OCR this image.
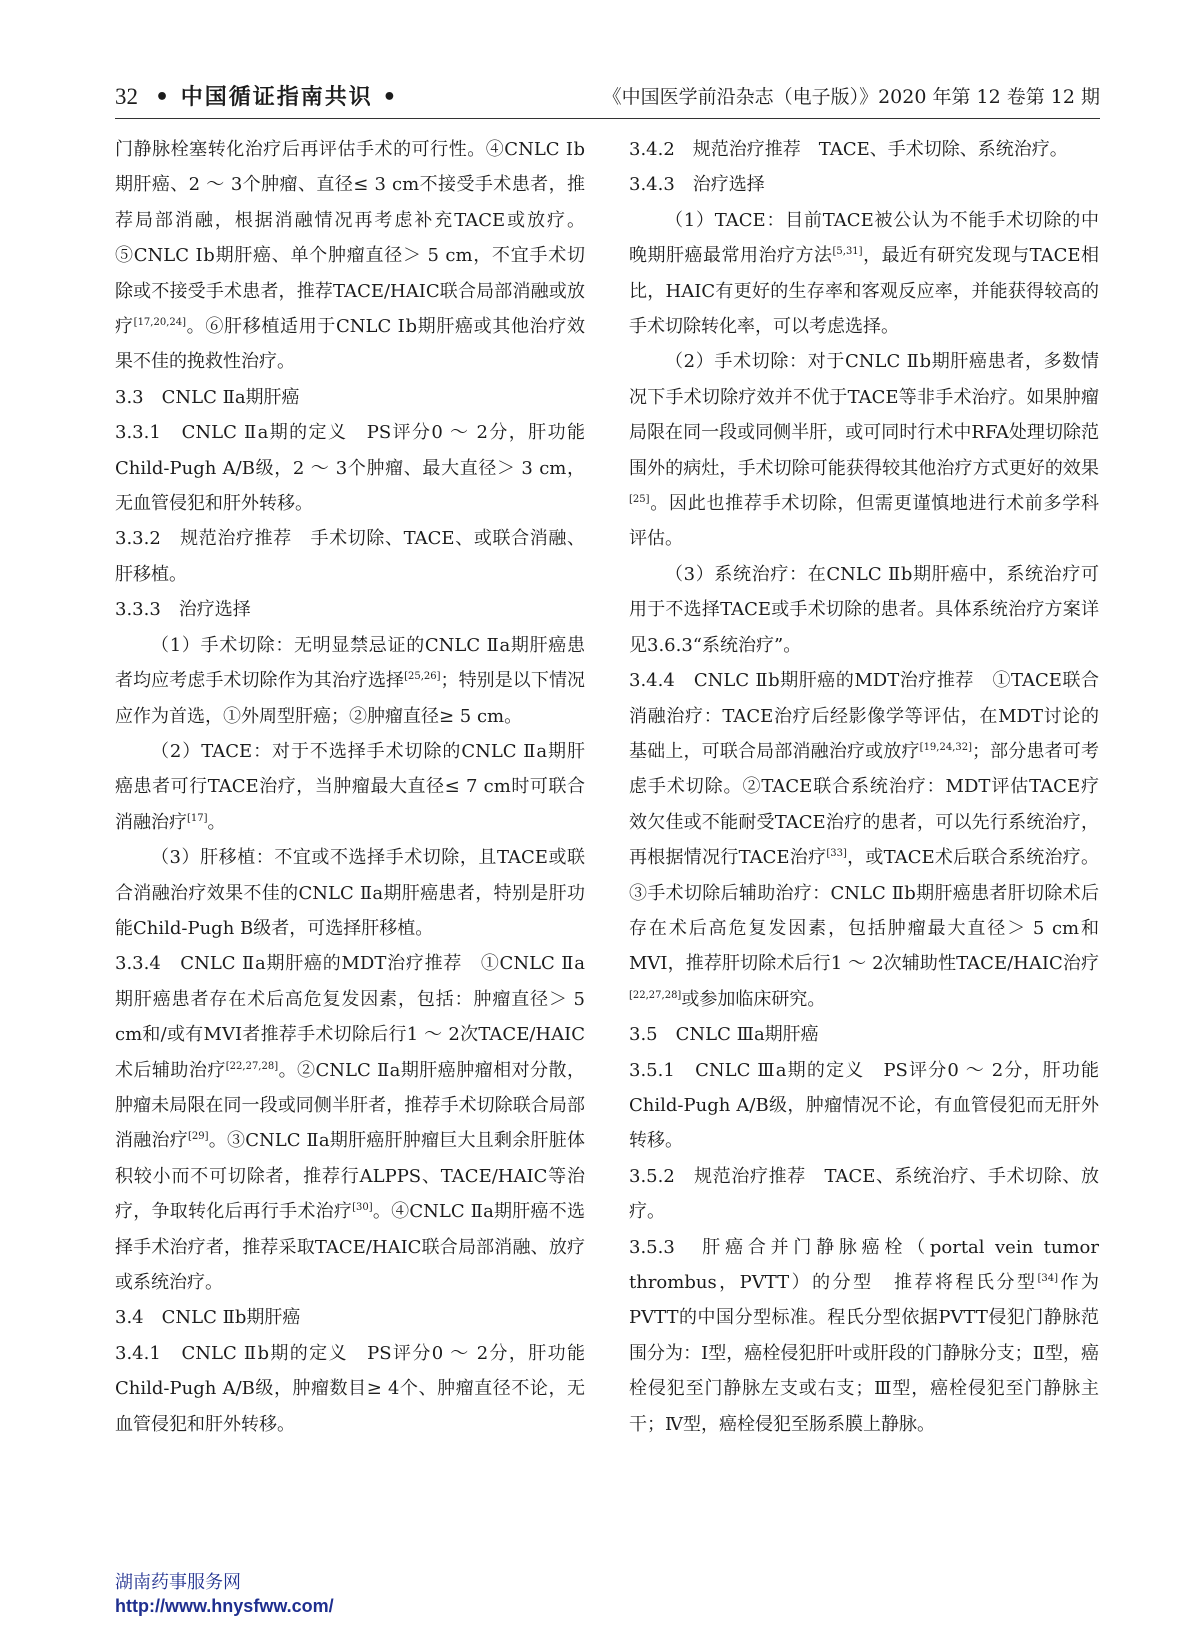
32 • 中国循证指南共识 •	《中国医学前沿杂志（电子版）》2020 年第 12 卷第 12 期

门静脉栓塞转化治疗后再评估手术的可行性。④CNLC Ⅰb期肝癌、2 ～ 3个肿瘤、直径≤ 3 cm不接受手术患者，推荐局部消融，根据消融情况再考虑补充TACE或放疗。⑤CNLC Ⅰb期肝癌、单个肿瘤直径＞ 5 cm，不宜手术切除或不接受手术患者，推荐TACE/HAIC联合局部消融或放疗[17,20,24]。⑥肝移植适用于CNLC Ⅰb期肝癌或其他治疗效果不佳的挽救性治疗。

3.3　CNLC Ⅱa期肝癌

3.3.1　CNLC Ⅱa期的定义　PS评分0 ～ 2分，肝功能Child-Pugh A/B级，2 ～ 3个肿瘤、最大直径＞ 3 cm，无血管侵犯和肝外转移。

3.3.2　规范治疗推荐　手术切除、TACE、或联合消融、肝移植。

3.3.3　治疗选择

（1）手术切除：无明显禁忌证的CNLC Ⅱa期肝癌患者均应考虑手术切除作为其治疗选择[25,26]；特别是以下情况应作为首选，①外周型肝癌；②肿瘤直径≥ 5 cm。

（2）TACE：对于不选择手术切除的CNLC Ⅱa期肝癌患者可行TACE治疗，当肿瘤最大直径≤ 7 cm时可联合消融治疗[17]。

（3）肝移植：不宜或不选择手术切除，且TACE或联合消融治疗效果不佳的CNLC Ⅱa期肝癌患者，特别是肝功能Child-Pugh B级者，可选择肝移植。

3.3.4　CNLC Ⅱa期肝癌的MDT治疗推荐　①CNLC Ⅱa期肝癌患者存在术后高危复发因素，包括：肿瘤直径＞ 5 cm和/或有MVI者推荐手术切除后行1 ～ 2次TACE/HAIC术后辅助治疗[22,27,28]。②CNLC Ⅱa期肝癌肿瘤相对分散，肿瘤未局限在同一段或同侧半肝者，推荐手术切除联合局部消融治疗[29]。③CNLC Ⅱa期肝癌肝肿瘤巨大且剩余肝脏体积较小而不可切除者，推荐行ALPPS、TACE/HAIC等治疗，争取转化后再行手术治疗[30]。④CNLC Ⅱa期肝癌不选择手术治疗者，推荐采取TACE/HAIC联合局部消融、放疗或系统治疗。

3.4　CNLC Ⅱb期肝癌

3.4.1　CNLC Ⅱb期的定义　PS评分0 ～ 2分，肝功能Child-Pugh A/B级，肿瘤数目≥ 4个、肿瘤直径不论，无血管侵犯和肝外转移。

3.4.2　规范治疗推荐　TACE、手术切除、系统治疗。

3.4.3　治疗选择

（1）TACE：目前TACE被公认为不能手术切除的中晚期肝癌最常用治疗方法[5,31]，最近有研究发现与TACE相比，HAIC有更好的生存率和客观反应率，并能获得较高的手术切除转化率，可以考虑选择。

（2）手术切除：对于CNLC Ⅱb期肝癌患者，多数情况下手术切除疗效并不优于TACE等非手术治疗。如果肿瘤局限在同一段或同侧半肝，或可同时行术中RFA处理切除范围外的病灶，手术切除可能获得较其他治疗方式更好的效果[25]。因此也推荐手术切除，但需更谨慎地进行术前多学科评估。

（3）系统治疗：在CNLC Ⅱb期肝癌中，系统治疗可用于不选择TACE或手术切除的患者。具体系统治疗方案详见3.6.3“系统治疗”。

3.4.4　CNLC Ⅱb期肝癌的MDT治疗推荐　①TACE联合消融治疗：TACE治疗后经影像学等评估，在MDT讨论的基础上，可联合局部消融治疗或放疗[19,24,32]；部分患者可考虑手术切除。②TACE联合系统治疗：MDT评估TACE疗效欠佳或不能耐受TACE治疗的患者，可以先行系统治疗，再根据情况行TACE治疗[33]，或TACE术后联合系统治疗。③手术切除后辅助治疗：CNLC Ⅱb期肝癌患者肝切除术后存在术后高危复发因素，包括肿瘤最大直径＞ 5 cm和MVI，推荐肝切除术后行1 ～ 2次辅助性TACE/HAIC治疗[22,27,28]或参加临床研究。

3.5　CNLC Ⅲa期肝癌

3.5.1　CNLC Ⅲa期的定义　PS评分0 ～ 2分，肝功能Child-Pugh A/B级，肿瘤情况不论，有血管侵犯而无肝外转移。

3.5.2　规范治疗推荐　TACE、系统治疗、手术切除、放疗。

3.5.3　肝癌合并门静脉癌栓（portal vein tumor thrombus，PVTT）的分型　推荐将程氏分型[34]作为PVTT的中国分型标准。程氏分型依据PVTT侵犯门静脉范围分为：Ⅰ型，癌栓侵犯肝叶或肝段的门静脉分支；Ⅱ型，癌栓侵犯至门静脉左支或右支；Ⅲ型，癌栓侵犯至门静脉主干；Ⅳ型，癌栓侵犯至肠系膜上静脉。

湖南药事服务网
http://www.hnysfww.com/
